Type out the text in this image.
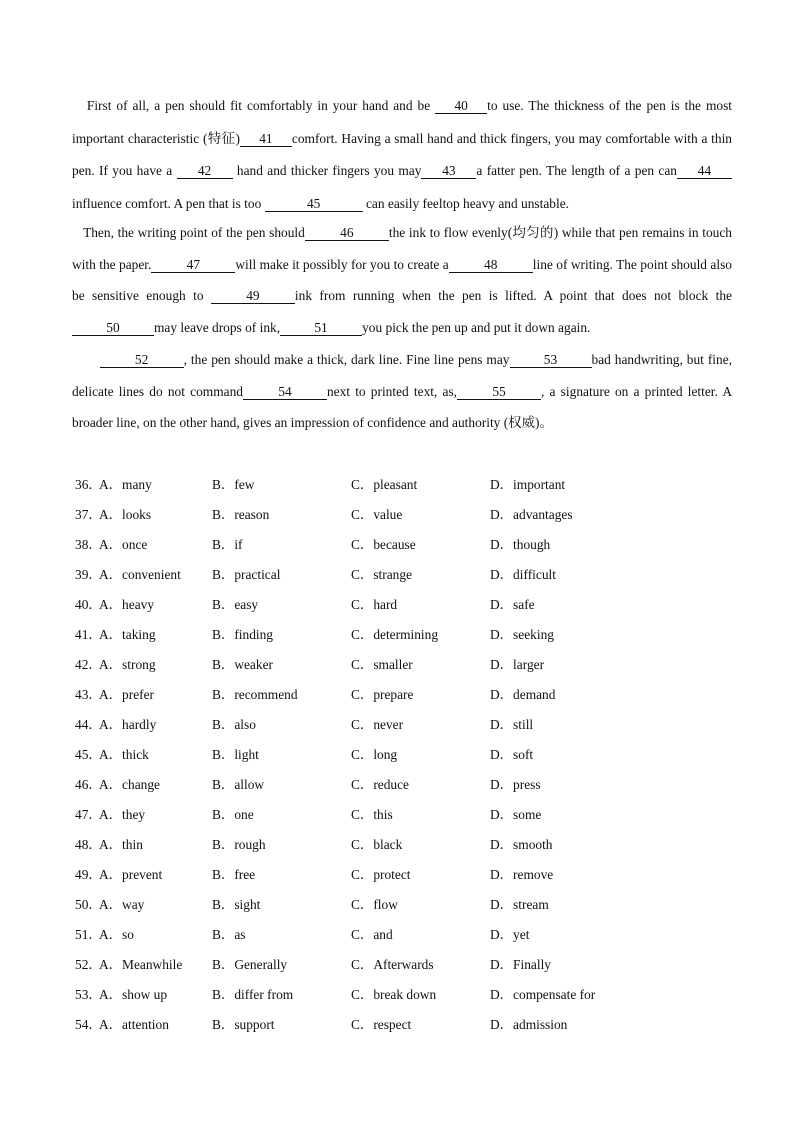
First of all, a pen should fit comfortably in your hand and be 40 to use. The thickness of the pen is the most important characteristic (特征) 41 comfort. Having a small hand and thick fingers, you may comfortable with a thin pen. If you have a 42 hand and thicker fingers you may 43 a fatter pen. The length of a pen can 44influence comfort. A pen that is too	45	can easily feeltop heavy and unstable.

Then, the writing point of the pen should	46	the ink to flow evenly(均匀的) while that pen remains in touch with the paper.	47	will make it possibly for you to create a	48	line of writing. The point should also be sensitive enough to	49	ink from running when the pen is lifted. A point that does not block the50	may leave drops of ink,	51	you pick the pen up and put it down again.

52	, the pen should make a thick, dark line. Fine line pens may	53	bad handwriting, but fine, delicate lines do not command	54	next to printed text, as,	55	, a signature on a printed letter. A broader line, on the other hand, gives an impression of confidence and authority (权威)。

36．
A．many	B．few	C．pleasant	D．important
37．
A．looks	B．reason	C．value	D．advantages
38．
A．once	B．if	C．because	D．though
39．
A．convenient B．practical	C．strange	D．difficult
40．
A．heavy	B．easy	C．hard	D．safe
41．
A．taking	B．finding	C．determining	D．seeking
42．
A．strong	B．weaker	C．smaller	D．larger
43．
A．prefer	B．recommend	C．prepare	D．demand
44．
A．hardly	B．also	C．never	D．still
45．
A．thick	B．light	C．long	D．soft
46．
A．change	B．allow	C．reduce	D．press
47．
A．they	B．one	C．this	D．some
48．
A．thin	B．rough	C．black	D．smooth
49．
A．prevent	B．free	C．protect	D．remove
50．
A．way	B．sight	C．flow	D．stream
51．
A．so	B．as	C．and	D．yet
52．
A．Meanwhile B．Generally	C．Afterwards	D．Finally
53．
A．show up	B．differ from	C．break down	D．compensate for
54．
A．attention	B．support	C．respect	D．admission
